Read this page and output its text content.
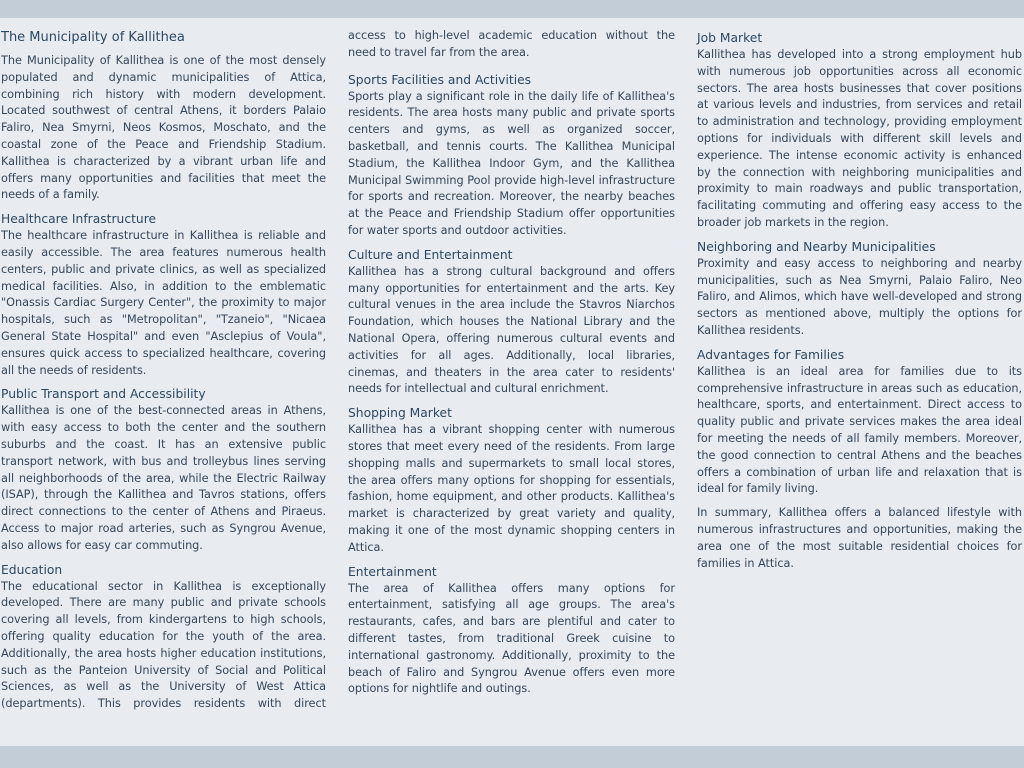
The Municipality of Kallithea

The Municipality of Kallithea is one of the most densely populated and dynamic municipalities of Attica, combining rich history with modern development. Located southwest of central Athens, it borders Palaio Faliro, Nea Smyrni, Neos Kosmos, Moschato, and the coastal zone of the Peace and Friendship Stadium. Kallithea is characterized by a vibrant urban life and offers many opportunities and facilities that meet the needs of a family.

Healthcare Infrastructure

The healthcare infrastructure in Kallithea is reliable and easily accessible. The area features numerous health centers, public and private clinics, as well as specialized medical facilities. Also, in addition to the emblematic "Onassis Cardiac Surgery Center", the proximity to major hospitals, such as "Metropolitan", "Tzaneio", "Nicaea General State Hospital" and even "Asclepius of Voula", ensures quick access to specialized healthcare, covering all the needs of residents.

Public Transport and Accessibility

Kallithea is one of the best-connected areas in Athens, with easy access to both the center and the southern suburbs and the coast. It has an extensive public transport network, with bus and trolleybus lines serving all neighborhoods of the area, while the Electric Railway (ISAP), through the Kallithea and Tavros stations, offers direct connections to the center of Athens and Piraeus. Access to major road arteries, such as Syngrou Avenue, also allows for easy car commuting.

Education

The educational sector in Kallithea is exceptionally developed. There are many public and private schools covering all levels, from kindergartens to high schools, offering quality education for the youth of the area. Additionally, the area hosts higher education institutions, such as the Panteion University of Social and Political Sciences, as well as the University of West Attica (departments). This provides residents with direct

access to high-level academic education without the need to travel far from the area.

Sports Facilities and Activities

Sports play a significant role in the daily life of Kallithea's residents. The area hosts many public and private sports centers and gyms, as well as organized soccer, basketball, and tennis courts. The Kallithea Municipal Stadium, the Kallithea Indoor Gym, and the Kallithea Municipal Swimming Pool provide high-level infrastructure for sports and recreation. Moreover, the nearby beaches at the Peace and Friendship Stadium offer opportunities for water sports and outdoor activities.

Culture and Entertainment

Kallithea has a strong cultural background and offers many opportunities for entertainment and the arts. Key cultural venues in the area include the Stavros Niarchos Foundation, which houses the National Library and the National Opera, offering numerous cultural events and activities for all ages. Additionally, local libraries, cinemas, and theaters in the area cater to residents' needs for intellectual and cultural enrichment.

Shopping Market

Kallithea has a vibrant shopping center with numerous stores that meet every need of the residents. From large shopping malls and supermarkets to small local stores, the area offers many options for shopping for essentials, fashion, home equipment, and other products. Kallithea's market is characterized by great variety and quality, making it one of the most dynamic shopping centers in Attica.

Entertainment

The area of Kallithea offers many options for entertainment, satisfying all age groups. The area's restaurants, cafes, and bars are plentiful and cater to different tastes, from traditional Greek cuisine to international gastronomy. Additionally, proximity to the beach of Faliro and Syngrou Avenue offers even more options for nightlife and outings.

Job Market

Kallithea has developed into a strong employment hub with numerous job opportunities across all economic sectors. The area hosts businesses that cover positions at various levels and industries, from services and retail to administration and technology, providing employment options for individuals with different skill levels and experience. The intense economic activity is enhanced by the connection with neighboring municipalities and proximity to main roadways and public transportation, facilitating commuting and offering easy access to the broader job markets in the region.

Neighboring and Nearby Municipalities

Proximity and easy access to neighboring and nearby municipalities, such as Nea Smyrni, Palaio Faliro, Neo Faliro, and Alimos, which have well-developed and strong sectors as mentioned above, multiply the options for Kallithea residents.

Advantages for Families

Kallithea is an ideal area for families due to its comprehensive infrastructure in areas such as education, healthcare, sports, and entertainment. Direct access to quality public and private services makes the area ideal for meeting the needs of all family members. Moreover, the good connection to central Athens and the beaches offers a combination of urban life and relaxation that is ideal for family living.

In summary, Kallithea offers a balanced lifestyle with numerous infrastructures and opportunities, making the area one of the most suitable residential choices for families in Attica.
